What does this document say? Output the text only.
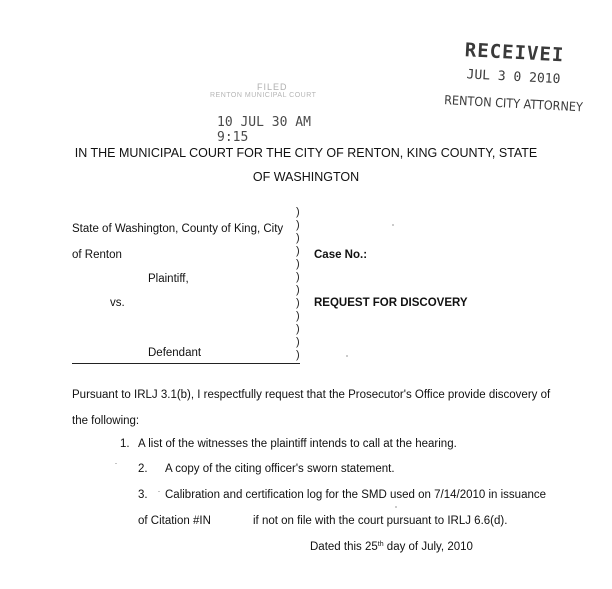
RECEIVEI
JUL 3 0 2010
RENTON CITY ATTORNEY
FILED
RENTON MUNICIPAL COURT
10 JUL 30 AM 9:15
IN THE MUNICIPAL COURT FOR THE CITY OF RENTON, KING COUNTY, STATE
OF WASHINGTON
State of Washington, County of King, City
of Renton
Plaintiff,
vs.
Defendant
)
)
)
)
)
)
)
)
)
)
)
)
Case No.:
REQUEST FOR DISCOVERY
Pursuant to IRLJ 3.1(b), I respectfully request that the Prosecutor's Office provide discovery of
the following:
1. A list of the witnesses the plaintiff intends to call at the hearing.
2. A copy of the citing officer's sworn statement.
3. Calibration and certification log for the SMD used on 7/14/2010 in issuance
of Citation #IN	if not on file with the court pursuant to IRLJ 6.6(d).
Dated this 25th day of July, 2010
